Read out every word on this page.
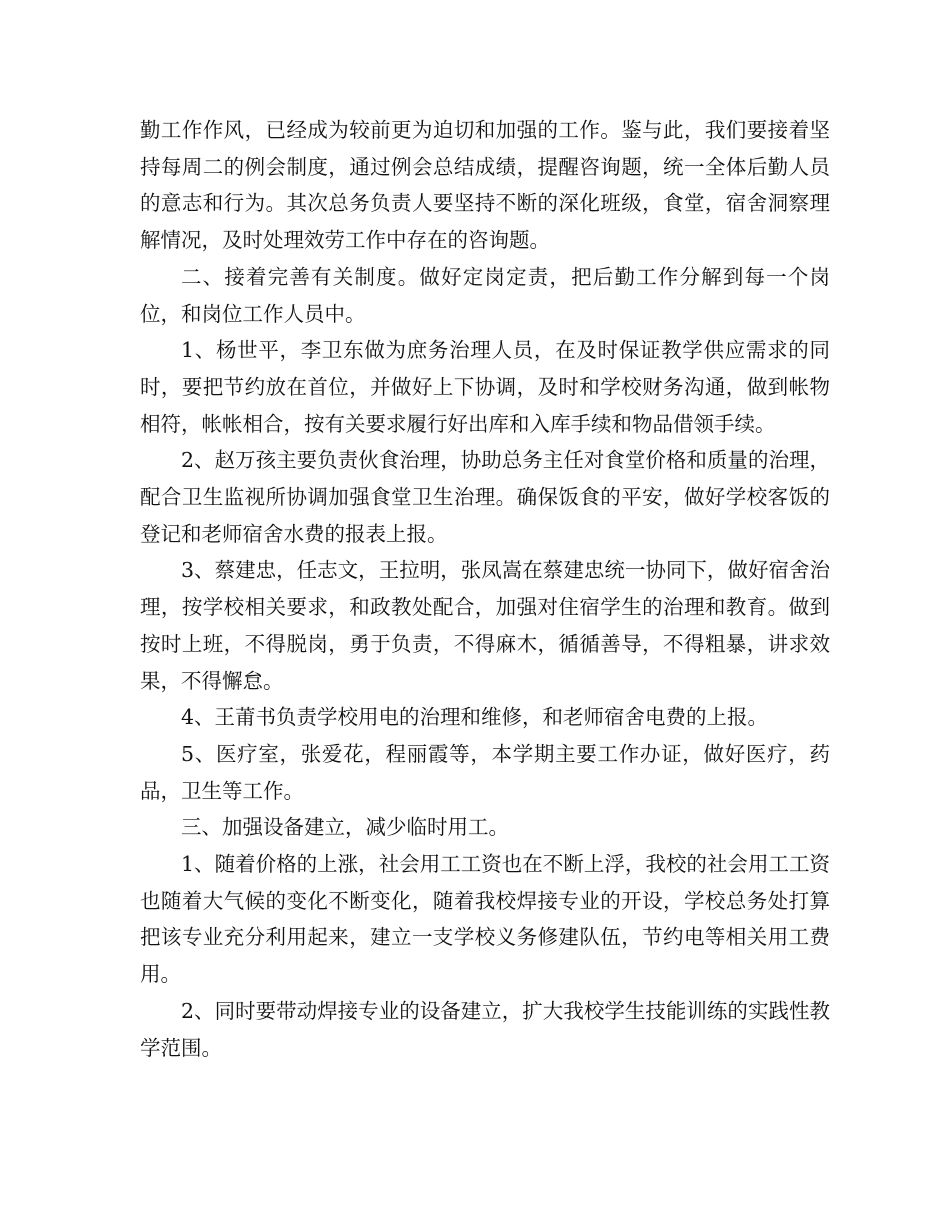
勤工作作风，已经成为较前更为迫切和加强的工作。鉴与此，我们要接着坚持每周二的例会制度，通过例会总结成绩，提醒咨询题，统一全体后勤人员的意志和行为。其次总务负责人要坚持不断的深化班级，食堂，宿舍洞察理解情况，及时处理效劳工作中存在的咨询题。

二、接着完善有关制度。做好定岗定责，把后勤工作分解到每一个岗位，和岗位工作人员中。

1、杨世平，李卫东做为庶务治理人员，在及时保证教学供应需求的同时，要把节约放在首位，并做好上下协调，及时和学校财务沟通，做到帐物相符，帐帐相合，按有关要求履行好出库和入库手续和物品借领手续。

2、赵万孩主要负责伙食治理，协助总务主任对食堂价格和质量的治理，配合卫生监视所协调加强食堂卫生治理。确保饭食的平安，做好学校客饭的登记和老师宿舍水费的报表上报。

3、蔡建忠，任志文，王拉明，张凤嵩在蔡建忠统一协同下，做好宿舍治理，按学校相关要求，和政教处配合，加强对住宿学生的治理和教育。做到按时上班，不得脱岗，勇于负责，不得麻木，循循善导，不得粗暴，讲求效果，不得懈怠。

4、王莆书负责学校用电的治理和维修，和老师宿舍电费的上报。

5、医疗室，张爱花，程丽霞等，本学期主要工作办证，做好医疗，药品，卫生等工作。

三、加强设备建立，减少临时用工。

1、随着价格的上涨，社会用工工资也在不断上浮，我校的社会用工工资也随着大气候的变化不断变化，随着我校焊接专业的开设，学校总务处打算把该专业充分利用起来，建立一支学校义务修建队伍，节约电等相关用工费用。

2、同时要带动焊接专业的设备建立，扩大我校学生技能训练的实践性教学范围。
